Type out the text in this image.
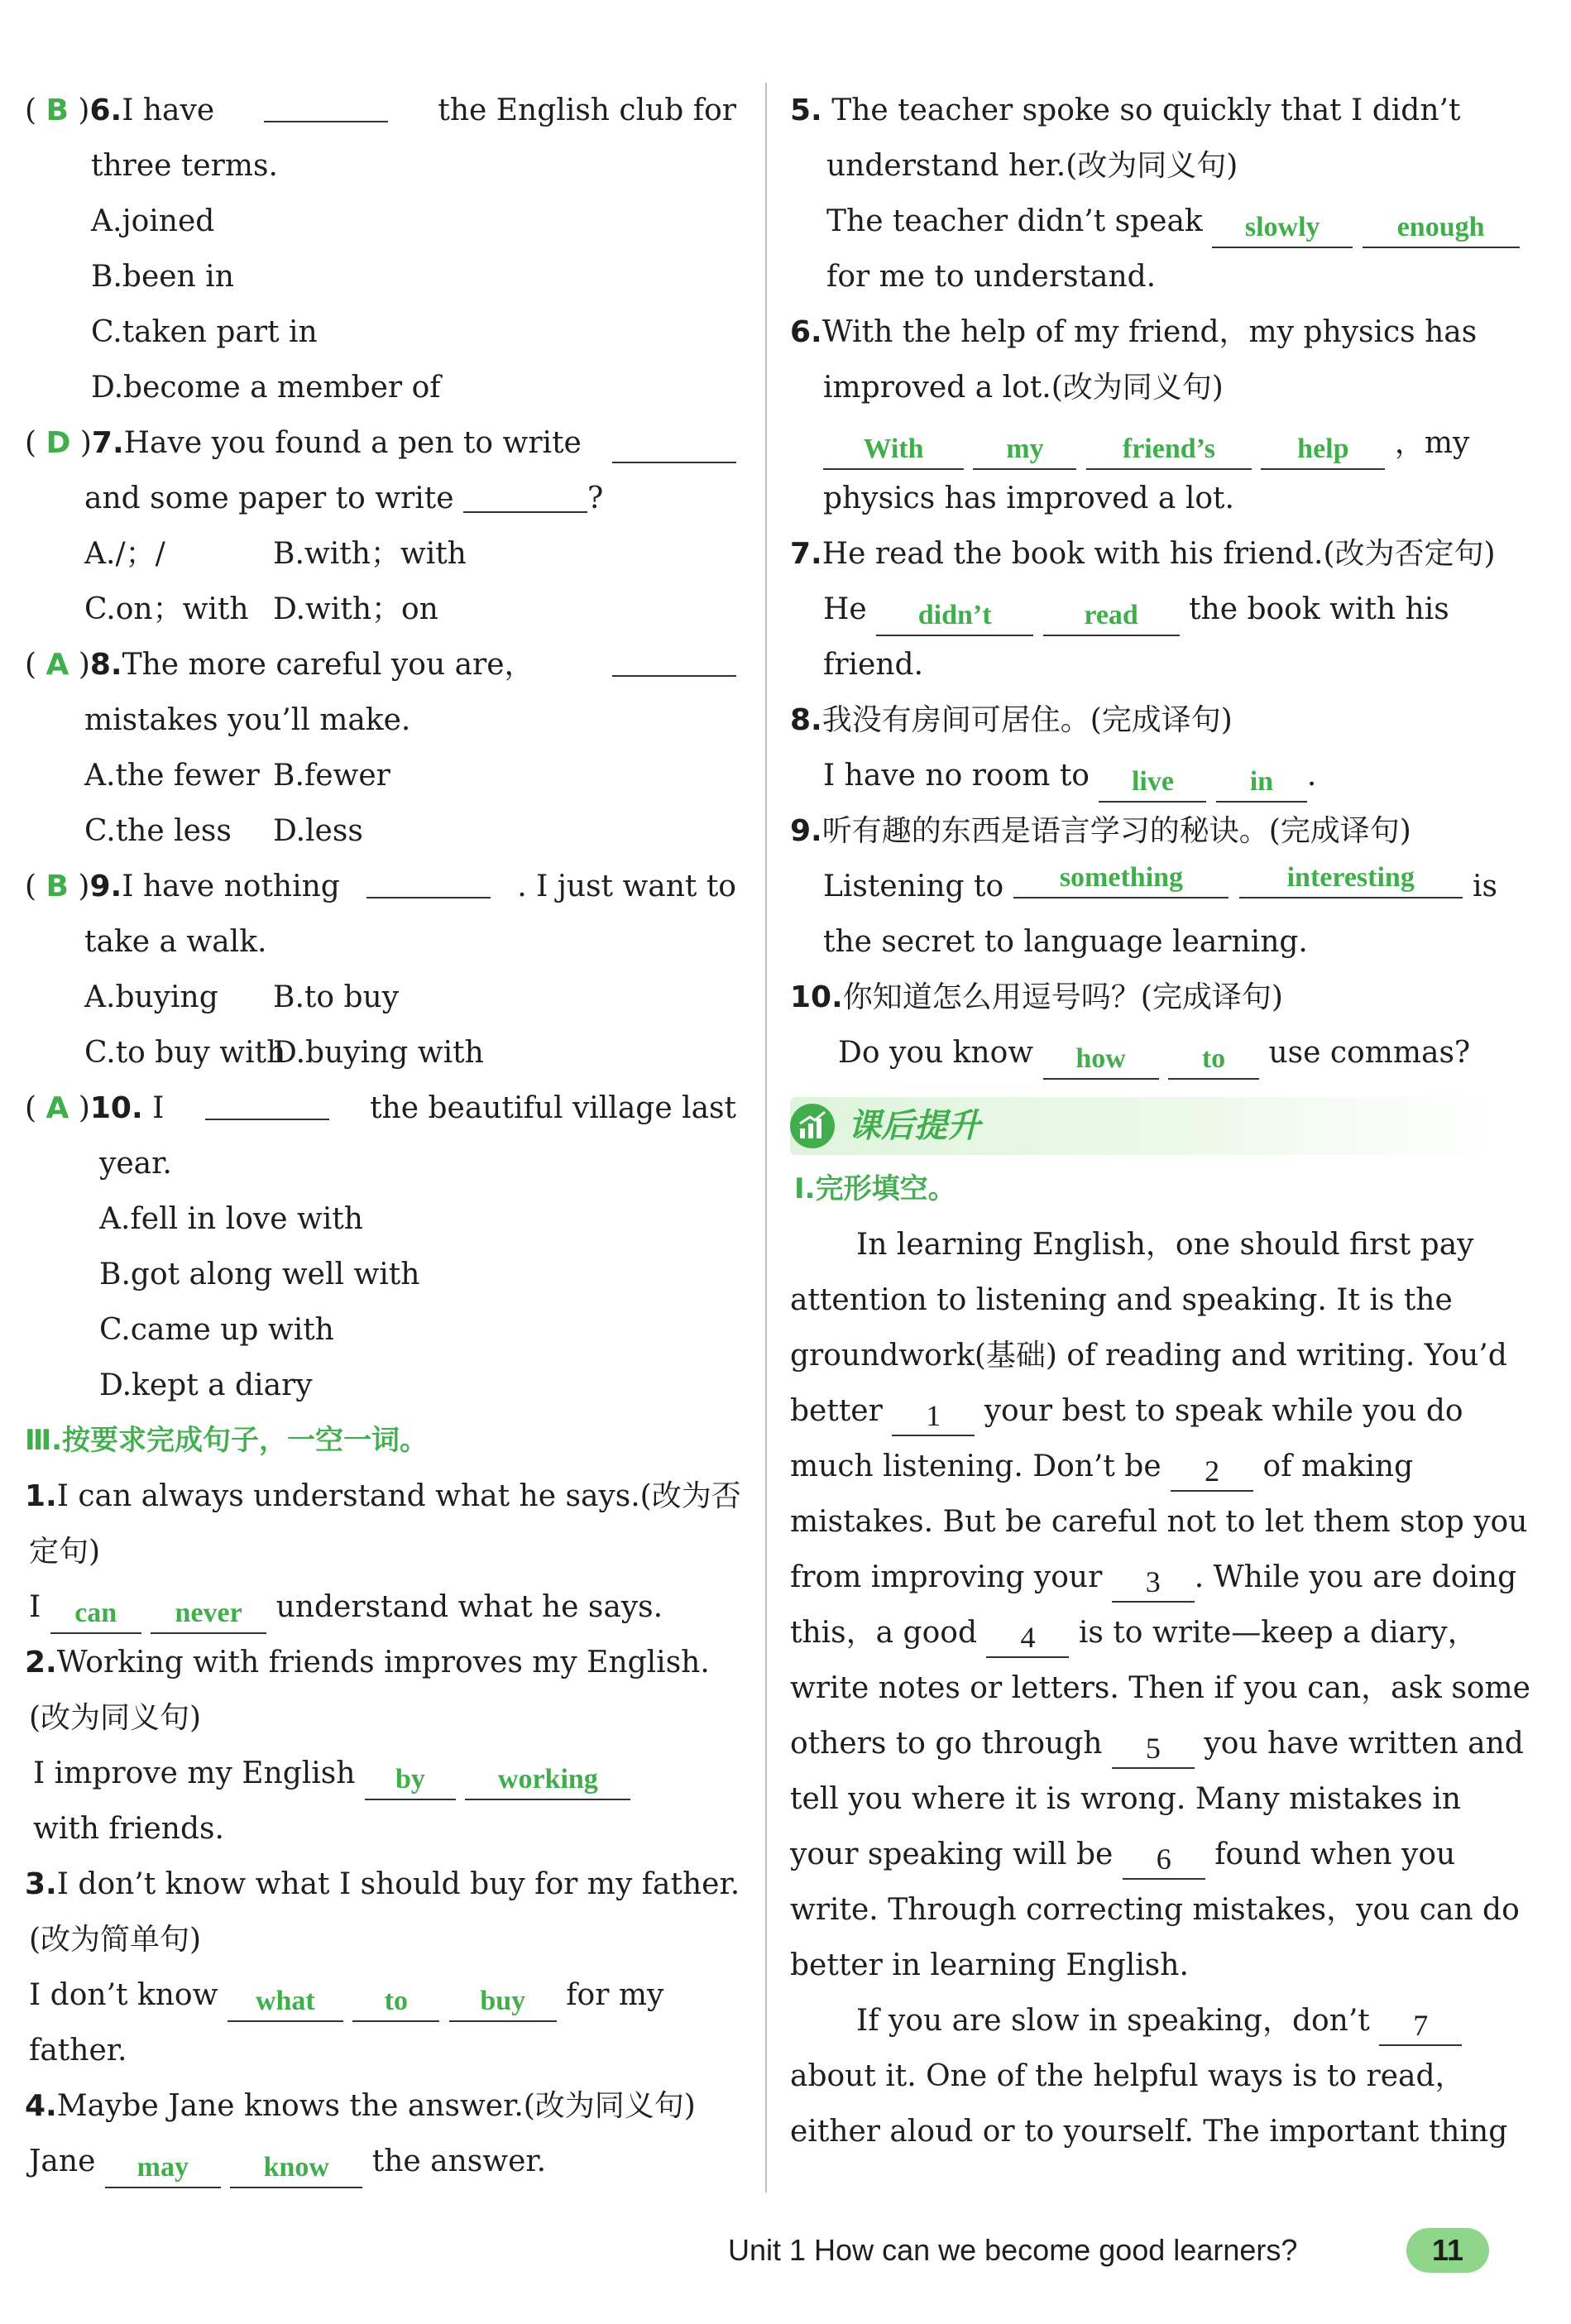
( B )6.I have	the English club for
three terms.
A.joined
B.been in
C.taken part in
D.become a member of
( D )7.Have you found a pen to write
and some paper to write	?
A./；/	B.with；with
C.on；with D.with；on
( A )8.The more careful you are，
mistakes you’ll make.
A.the fewer B.fewer
C.the less D.less
( B )9.I have nothing	. I just want to
take a walk.
A.buying B.to buy
C.to buy with
D.buying with
( A )10. I	the beautiful village last
year.
A.fell in love with
B.got along well with
C.came up with
D.kept a diary
Ⅲ.按要求完成句子，一空一词。
1.I can always understand what he says.(改为否
定句)
I can never understand what he says.
2.Working with friends improves my English.
(改为同义句)
I improve my English by	working
with friends.
3.I don’t know what I should buy for my father.
(改为简单句)
I don’t know what to	buy for my
father.
4.Maybe Jane knows the answer.(改为同义句)
Jane may	know the answer.
5. The teacher spoke so quickly that I didn’t
understand her.(改为同义句)
The teacher didn’t speak slowly	enough
for me to understand.
6.With the help of my friend，my physics has
improved a lot.(改为同义句)
With	my	friend’s	help ，my
physics has improved a lot.
7.He read the book with his friend.(改为否定句)
He didn’t	read the book with his
friend.
8.我没有房间可居住。(完成译句)
I have no room to live	in .
9.听有趣的东西是语言学习的秘诀。(完成译句)
Listening to	something	interesting	is
the secret to language learning.
10.你知道怎么用逗号吗？(完成译句)
Do you know how	to use commas?
课后提升
Ⅰ.完形填空。
In learning English，one should first pay
attention to listening and speaking. It is the
groundwork(基础) of reading and writing. You’d
better 1 your best to speak while you do
much listening. Don’t be 2 of making
mistakes. But be careful not to let them stop you
from improving your 3 . While you are doing
this，a good 4 is to write—keep a diary，
write notes or letters. Then if you can，ask some
others to go through 5 you have written and
tell you where it is wrong. Many mistakes in
your speaking will be 6 found when you
write. Through correcting mistakes，you can do
better in learning English.
If you are slow in speaking，don’t 7
about it. One of the helpful ways is to read，
either aloud or to yourself. The important thing
Unit 1 How can we become good learners?	11
